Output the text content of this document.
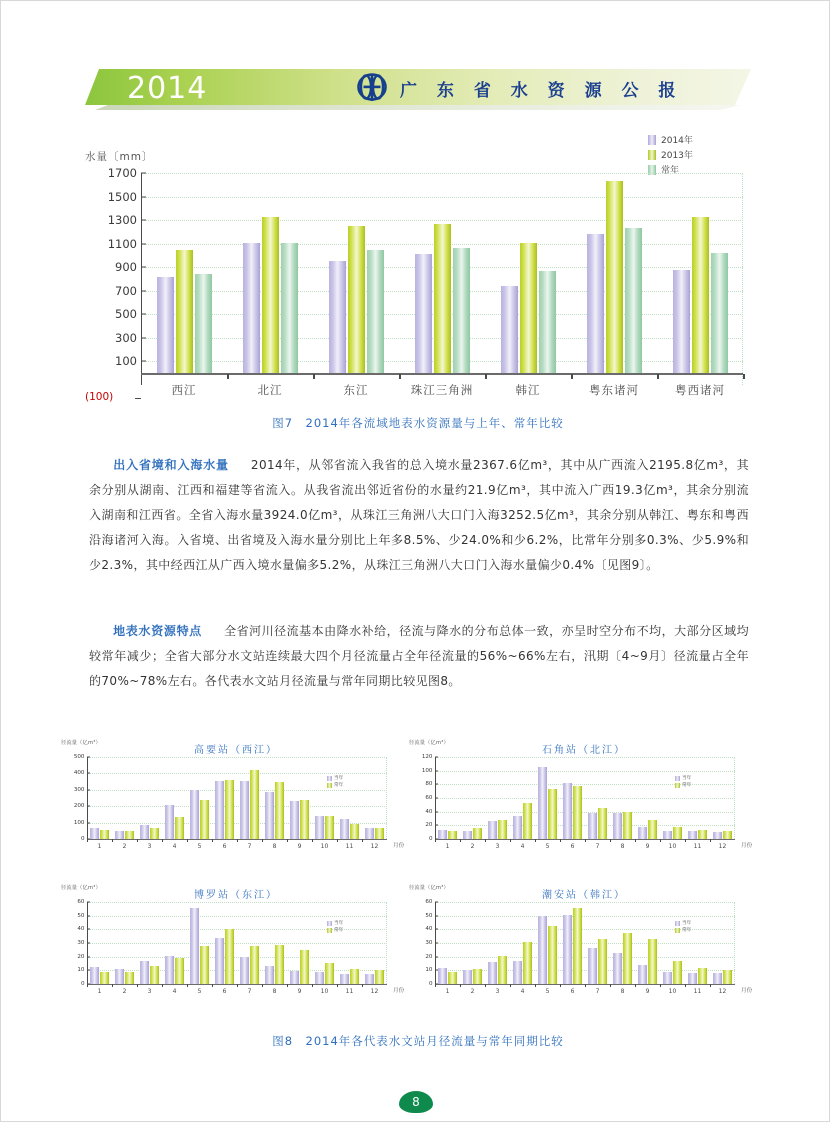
2014	广 东 省 水 资 源 公 报
水量〔mm〕
2014年
2013年
常年
1700
1500
1300
1100
900
700
500
300
100
西江	北江	东江	珠江三角洲	韩江	粤东诸河	粤西诸河
(100)
图7　2014年各流域地表水资源量与上年、常年比较
出入省境和入海水量 2014年，从邻省流入我省的总入境水量2367.6亿m³，其中从广西流入2195.8亿m³，其余分别从湖南、江西和福建等省流入。从我省流出邻近省份的水量约21.9亿m³，其中流入广西19.3亿m³，其余分别流入湖南和江西省。全省入海水量3924.0亿m³，从珠江三角洲八大口门入海3252.5亿m³，其余分别从韩江、粤东和粤西沿海诸河入海。入省境、出省境及入海水量分别比上年多8.5%、少24.0%和少6.2%，比常年分别多0.3%、少5.9%和少2.3%，其中经西江从广西入境水量偏多5.2%，从珠江三角洲八大口门入海水量偏少0.4%〔见图9〕。
地表水资源特点 全省河川径流基本由降水补给，径流与降水的分布总体一致，亦呈时空分布不均，大部分区域均较常年减少；全省大部分水文站连续最大四个月径流量占全年径流量的56%~66%左右，汛期〔4~9月〕径流量占全年的70%~78%左右。各代表水文站月径流量与常年同期比较见图8。
径流量（亿m³）
高要站（西江）
500
400
300
200
100
0
1	2	3	4	5	6	7	8	9	10	11	12	月份
当年
常年
径流量（亿m³）
石角站（北江）
120
100
80
60
40
20
0
1	2	3	4	5	6	7	8	9	10	11	12	月份
当年
常年
径流量（亿m³）
博罗站（东江）
60
50
40
30
20
10
0
1	2	3	4	5	6	7	8	9	10	11	12	月份
当年
常年
径流量（亿m³）
潮安站（韩江）
60
50
40
30
20
10
0
1	2	3	4	5	6	7	8	9	10	11	12	月份
当年
常年
图8　2014年各代表水文站月径流量与常年同期比较
8
